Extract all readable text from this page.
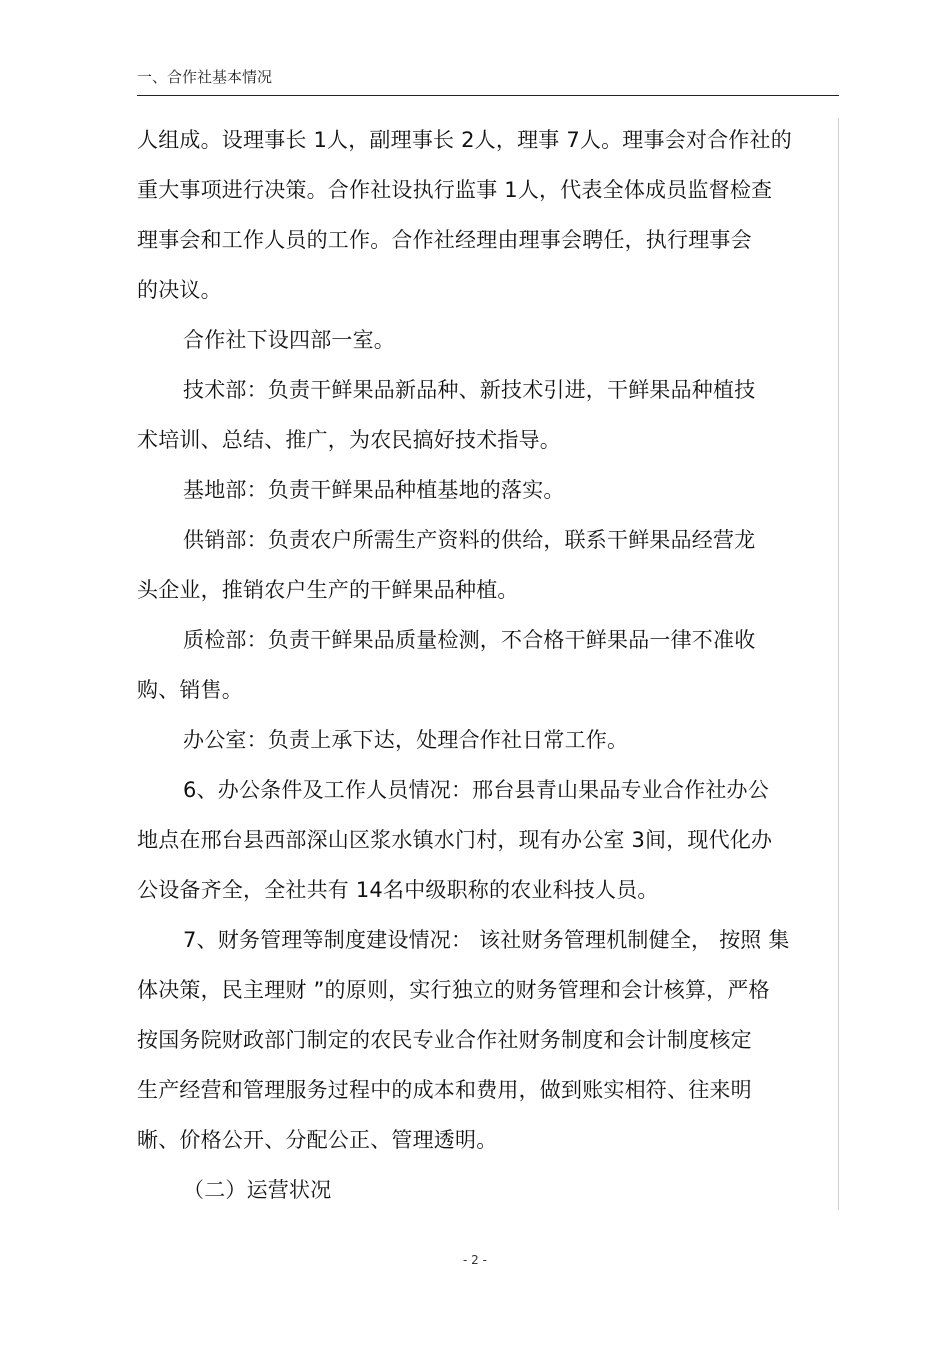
一、合作社基本情况
人组成。设理事长 1人，副理事长 2人，理事 7人。理事会对合作社的
重大事项进行决策。合作社设执行监事 1人，代表全体成员监督检查
理事会和工作人员的工作。合作社经理由理事会聘任，执行理事会
的决议。
合作社下设四部一室。
技术部：负责干鲜果品新品种、新技术引进，干鲜果品种植技
术培训、总结、推广，为农民搞好技术指导。
基地部：负责干鲜果品种植基地的落实。
供销部：负责农户所需生产资料的供给，联系干鲜果品经营龙
头企业，推销农户生产的干鲜果品种植。
质检部：负责干鲜果品质量检测，不合格干鲜果品一律不准收
购、销售。
办公室：负责上承下达，处理合作社日常工作。
6、办公条件及工作人员情况：邢台县青山果品专业合作社办公
地点在邢台县西部深山区浆水镇水门村，现有办公室 3间，现代化办
公设备齐全，全社共有 14名中级职称的农业科技人员。
7、财务管理等制度建设情况： 该社财务管理机制健全， 按照 集
体决策，民主理财 ”的原则，实行独立的财务管理和会计核算，严格
按国务院财政部门制定的农民专业合作社财务制度和会计制度核定
生产经营和管理服务过程中的成本和费用，做到账实相符、往来明
晰、价格公开、分配公正、管理透明。
（二）运营状况
- 2 -
